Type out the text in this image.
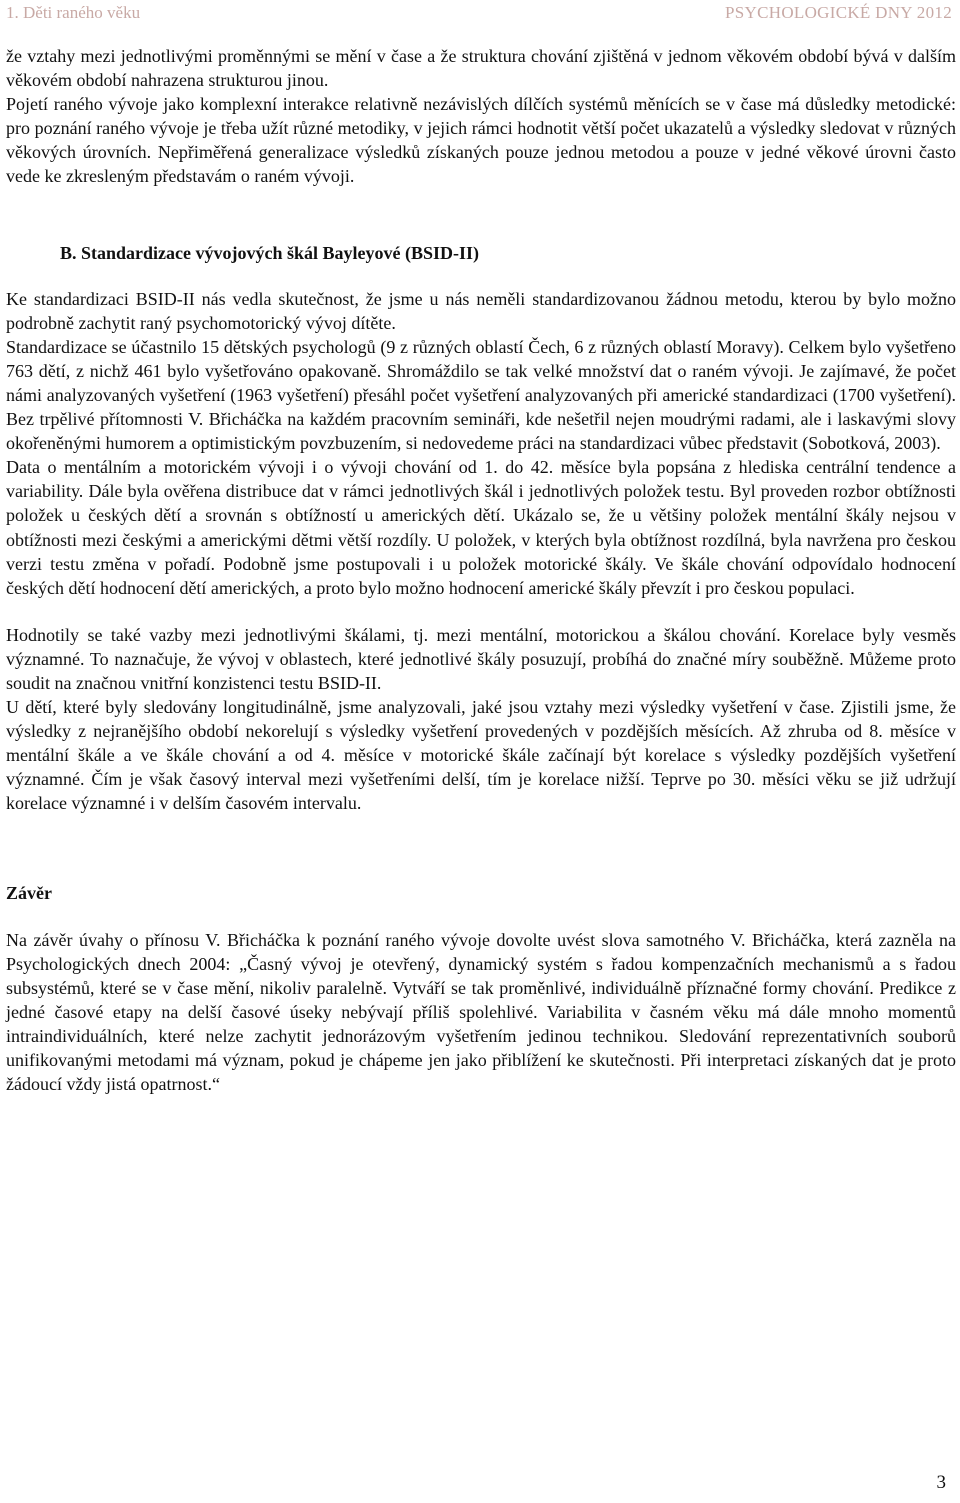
1. Děti raného věku	PSYCHOLOGICKÉ DNY 2012

že vztahy mezi jednotlivými proměnnými se mění v čase a že struktura chování zjištěná v jednom věkovém období bývá v dalším věkovém období nahrazena strukturou jinou.

Pojetí raného vývoje jako komplexní interakce relativně nezávislých dílčích systémů měnících se v čase má důsledky metodické: pro poznání raného vývoje je třeba užít různé metodiky, v jejich rámci hodnotit větší počet ukazatelů a výsledky sledovat v různých věkových úrovních. Nepřiměřená generalizace výsledků získaných pouze jednou metodou a pouze v jedné věkové úrovni často vede ke zkresleným představám o raném vývoji.

B. Standardizace vývojových škál Bayleyové (BSID-II)

Ke standardizaci BSID-II nás vedla skutečnost, že jsme u nás neměli standardizovanou žádnou metodu, kterou by bylo možno podrobně zachytit raný psychomotorický vývoj dítěte.

Standardizace se účastnilo 15 dětských psychologů (9 z různých oblastí Čech, 6 z různých oblastí Moravy). Celkem bylo vyšetřeno 763 dětí, z nichž 461 bylo vyšetřováno opakovaně. Shromáždilo se tak velké množství dat o raném vývoji. Je zajímavé, že počet námi analyzovaných vyšetření (1963 vyšetření) přesáhl počet vyšetření analyzovaných při americké standardizaci (1700 vyšetření). Bez trpělivé přítomnosti V. Břicháčka na každém pracovním semináři, kde nešetřil nejen moudrými radami, ale i laskavými slovy okořeněnými humorem a optimistickým povzbuzením, si nedovedeme práci na standardizaci vůbec představit (Sobotková, 2003).

Data o mentálním a motorickém vývoji i o vývoji chování od 1. do 42. měsíce byla popsána z hlediska centrální tendence a variability. Dále byla ověřena distribuce dat v rámci jednotlivých škál i jednotlivých položek testu. Byl proveden rozbor obtížnosti položek u českých dětí a srovnán s obtížností u amerických dětí. Ukázalo se, že u většiny položek mentální škály nejsou v obtížnosti mezi českými a americkými dětmi větší rozdíly. U položek, v kterých byla obtížnost rozdílná, byla navržena pro českou verzi testu změna v pořadí. Podobně jsme postupovali i u položek motorické škály. Ve škále chování odpovídalo hodnocení českých dětí hodnocení dětí amerických, a proto bylo možno hodnocení americké škály převzít i pro českou populaci.

Hodnotily se také vazby mezi jednotlivými škálami, tj. mezi mentální, motorickou a škálou chování. Korelace byly vesměs významné. To naznačuje, že vývoj v oblastech, které jednotlivé škály posuzují, probíhá do značné míry souběžně. Můžeme proto soudit na značnou vnitřní konzistenci testu BSID-II.

U dětí, které byly sledovány longitudinálně, jsme analyzovali, jaké jsou vztahy mezi výsledky vyšetření v čase. Zjistili jsme, že výsledky z nejranějšího období nekorelují s výsledky vyšetření provedených v pozdějších měsících. Až zhruba od 8. měsíce v mentální škále a ve škále chování a od 4. měsíce v motorické škále začínají být korelace s výsledky pozdějších vyšetření významné. Čím je však časový interval mezi vyšetřeními delší, tím je korelace nižší. Teprve po 30. měsíci věku se již udržují korelace významné i v delším časovém intervalu.

Závěr

Na závěr úvahy o přínosu V. Břicháčka k poznání raného vývoje dovolte uvést slova samotného V. Břicháčka, která zazněla na Psychologických dnech 2004: „Časný vývoj je otevřený, dynamický systém s řadou kompenzačních mechanismů a s řadou subsystémů, které se v čase mění, nikoliv paralelně. Vytváří se tak proměnlivé, individuálně příznačné formy chování. Predikce z jedné časové etapy na delší časové úseky nebývají příliš spolehlivé. Variabilita v časném věku má dále mnoho momentů intraindividuálních, které nelze zachytit jednorázovým vyšetřením jedinou technikou. Sledování reprezentativních souborů unifikovanými metodami má význam, pokud je chápeme jen jako přiblížení ke skutečnosti. Při interpretaci získaných dat je proto žádoucí vždy jistá opatrnost.“

3
